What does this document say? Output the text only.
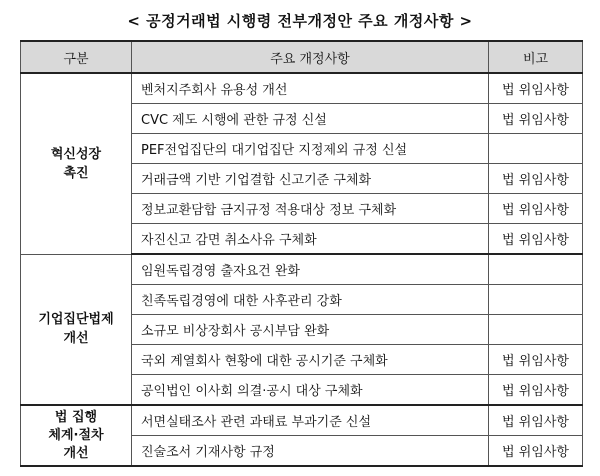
< 공정거래법 시행령 전부개정안 주요 개정사항 >
구분	주요 개정사항	비고

혁신성장
촉진	벤처지주회사 유용성 개선	법 위임사항
	CVC 제도 시행에 관한 규정 신설	법 위임사항
	PEF전업집단의 대기업집단 지정제외 규정 신설	
	거래금액 기반 기업결합 신고기준 구체화	법 위임사항
	정보교환담합 금지규정 적용대상 정보 구체화	법 위임사항
	자진신고 감면 취소사유 구체화	법 위임사항

기업집단법제
개선	임원독립경영 출자요건 완화	
	친족독립경영에 대한 사후관리 강화	
	소규모 비상장회사 공시부담 완화	
	국외 계열회사 현황에 대한 공시기준 구체화	법 위임사항
	공익법인 이사회 의결·공시 대상 구체화	법 위임사항

법 집행
체계·절차
개선	서면실태조사 관련 과태료 부과기준 신설	법 위임사항
	진술조서 기재사항 규정	법 위임사항
